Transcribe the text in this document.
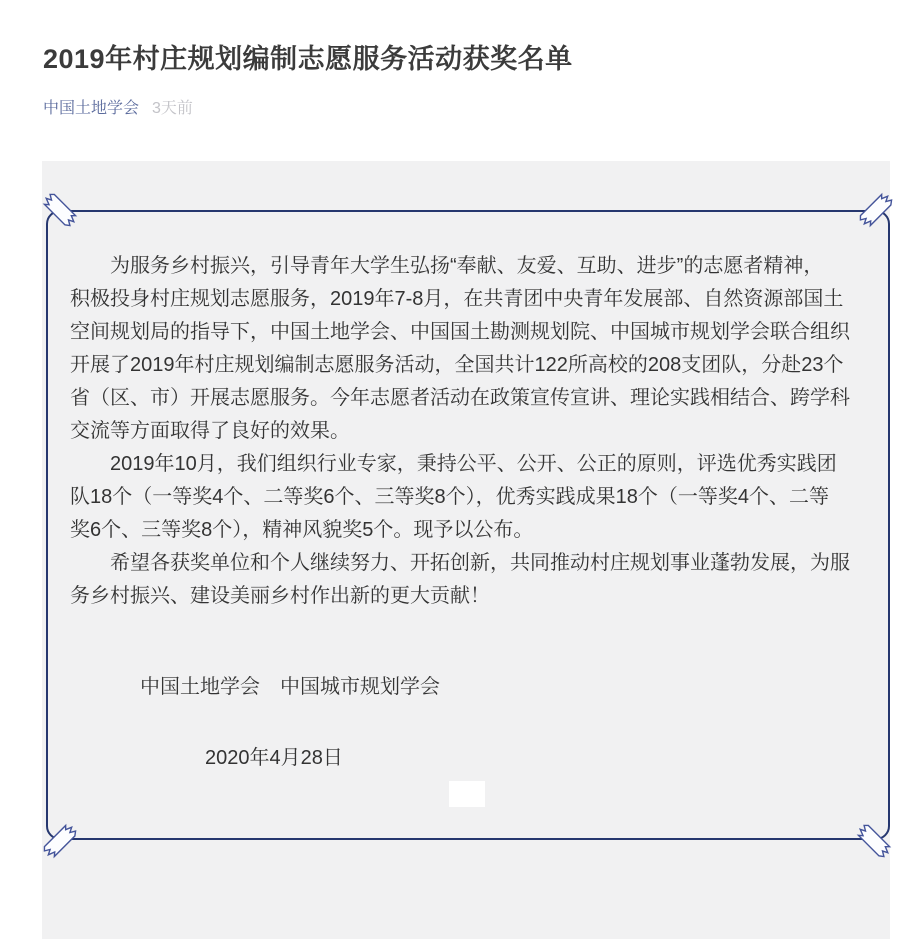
2019年村庄规划编制志愿服务活动获奖名单
中国土地学会 3天前
为服务乡村振兴，引导青年大学生弘扬“奉献、友爱、互助、进步”的志愿者精神，
积极投身村庄规划志愿服务，2019年7-8月，在共青团中央青年发展部、自然资源部国土
空间规划局的指导下，中国土地学会、中国国土勘测规划院、中国城市规划学会联合组织
开展了2019年村庄规划编制志愿服务活动，全国共计122所高校的208支团队，分赴23个
省（区、市）开展志愿服务。今年志愿者活动在政策宣传宣讲、理论实践相结合、跨学科
交流等方面取得了良好的效果。
2019年10月，我们组织行业专家，秉持公平、公开、公正的原则，评选优秀实践团
队18个（一等奖4个、二等奖6个、三等奖8个），优秀实践成果18个（一等奖4个、二等
奖6个、三等奖8个），精神风貌奖5个。现予以公布。
希望各获奖单位和个人继续努力、开拓创新，共同推动村庄规划事业蓬勃发展，为服
务乡村振兴、建设美丽乡村作出新的更大贡献！
中国土地学会　中国城市规划学会
2020年4月28日
